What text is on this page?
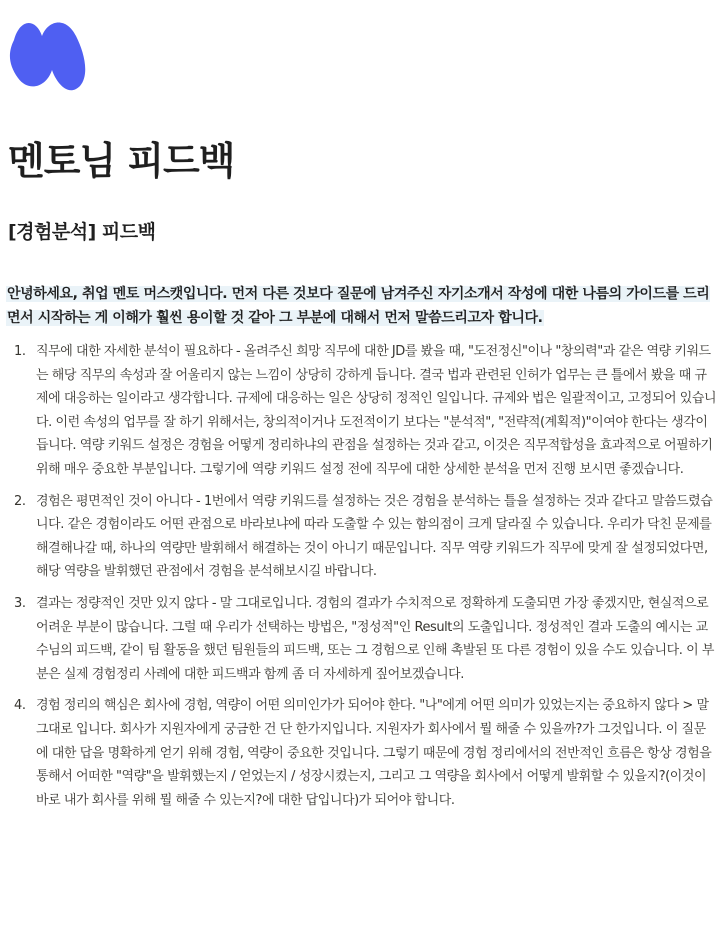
멘토님 피드백
[경험분석] 피드백

안녕하세요, 취업 멘토 머스캣입니다. 먼저 다른 것보다 질문에 남겨주신 자기소개서 작성에 대한 나름의 가이드를 드리면서 시작하는 게 이해가 훨씬 용이할 것 같아 그 부분에 대해서 먼저 말씀드리고자 합니다.

1. 직무에 대한 자세한 분석이 필요하다 - 올려주신 희망 직무에 대한 JD를 봤을 때, "도전정신"이나 "창의력"과 같은 역량 키워드는 해당 직무의 속성과 잘 어울리지 않는 느낌이 상당히 강하게 듭니다. 결국 법과 관련된 인허가 업무는 큰 틀에서 봤을 때 규제에 대응하는 일이라고 생각합니다. 규제에 대응하는 일은 상당히 정적인 일입니다. 규제와 법은 일괄적이고, 고정되어 있습니다. 이런 속성의 업무를 잘 하기 위해서는, 창의적이거나 도전적이기 보다는 "분석적", "전략적(계획적)"이여야 한다는 생각이 듭니다. 역량 키워드 설정은 경험을 어떻게 정리하냐의 관점을 설정하는 것과 같고, 이것은 직무적합성을 효과적으로 어필하기 위해 매우 중요한 부분입니다. 그렇기에 역량 키워드 설정 전에 직무에 대한 상세한 분석을 먼저 진행 보시면 좋겠습니다.
2. 경험은 평면적인 것이 아니다 - 1번에서 역량 키워드를 설정하는 것은 경험을 분석하는 틀을 설정하는 것과 같다고 말씀드렸습니다. 같은 경험이라도 어떤 관점으로 바라보냐에 따라 도출할 수 있는 함의점이 크게 달라질 수 있습니다. 우리가 닥친 문제를 해결해나갈 때, 하나의 역량만 발휘해서 해결하는 것이 아니기 때문입니다. 직무 역량 키워드가 직무에 맞게 잘 설정되었다면, 해당 역량을 발휘했던 관점에서 경험을 분석해보시길 바랍니다.
3. 결과는 정량적인 것만 있지 않다 - 말 그대로입니다. 경험의 결과가 수치적으로 정확하게 도출되면 가장 좋겠지만, 현실적으로 어려운 부분이 많습니다. 그럴 때 우리가 선택하는 방법은, "정성적"인 Result의 도출입니다. 정성적인 결과 도출의 예시는 교수님의 피드백, 같이 팀 활동을 했던 팀원들의 피드백, 또는 그 경험으로 인해 촉발된 또 다른 경험이 있을 수도 있습니다. 이 부분은 실제 경험정리 사례에 대한 피드백과 함께 좀 더 자세하게 짚어보겠습니다.
4. 경험 정리의 핵심은 회사에 경험, 역량이 어떤 의미인가가 되어야 한다. "나"에게 어떤 의미가 있었는지는 중요하지 않다 > 말 그대로 입니다. 회사가 지원자에게 궁금한 건 단 한가지입니다. 지원자가 회사에서 뭘 해줄 수 있을까?가 그것입니다. 이 질문에 대한 답을 명확하게 얻기 위해 경험, 역량이 중요한 것입니다. 그렇기 때문에 경험 정리에서의 전반적인 흐름은 항상 경험을 통해서 어떠한 "역량"을 발휘했는지 / 얻었는지 / 성장시켰는지, 그리고 그 역량을 회사에서 어떻게 발휘할 수 있을지?(이것이 바로 내가 회사를 위해 뭘 해줄 수 있는지?에 대한 답입니다)가 되어야 합니다.
